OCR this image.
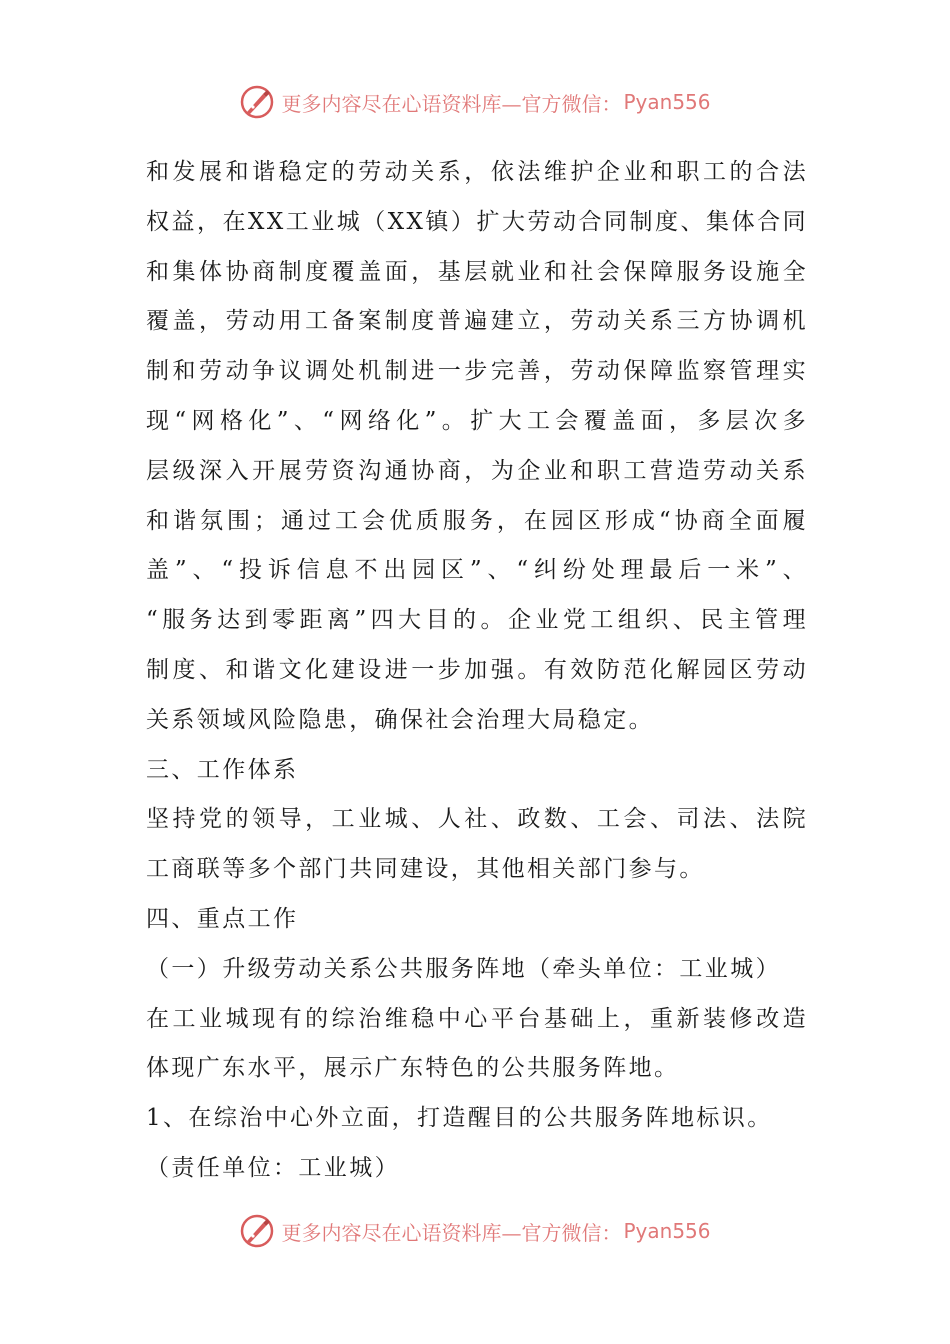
更多内容尽在心语资料库—官方微信： Pyan556
和发展和谐稳定的劳动关系，依法维护企业和职工的合法
权益，在XX工业城（XX镇）扩大劳动合同制度、集体合同
和集体协商制度覆盖面，基层就业和社会保障服务设施全
覆盖，劳动用工备案制度普遍建立，劳动关系三方协调机
制和劳动争议调处机制进一步完善，劳动保障监察管理实
现“网格化”、“网络化”。扩大工会覆盖面，多层次多
层级深入开展劳资沟通协商，为企业和职工营造劳动关系
和谐氛围；通过工会优质服务，在园区形成“协商全面履
盖”、“投诉信息不出园区”、“纠纷处理最后一米”、
“服务达到零距离”四大目的。企业党工组织、民主管理
制度、和谐文化建设进一步加强。有效防范化解园区劳动
关系领域风险隐患，确保社会治理大局稳定。
三、工作体系
坚持党的领导，工业城、人社、政数、工会、司法、法院
工商联等多个部门共同建设，其他相关部门参与。
四、重点工作
（一）升级劳动关系公共服务阵地（牵头单位：工业城）
在工业城现有的综治维稳中心平台基础上，重新装修改造
体现广东水平，展示广东特色的公共服务阵地。
1、在综治中心外立面，打造醒目的公共服务阵地标识。
（责任单位：工业城）
更多内容尽在心语资料库—官方微信： Pyan556
